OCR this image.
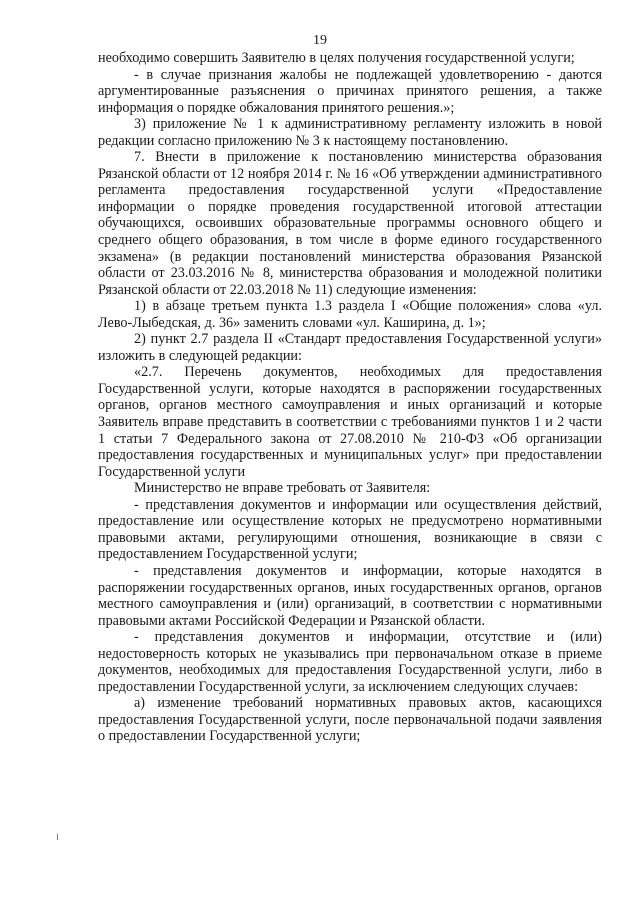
19

необходимо совершить Заявителю в целях получения государственной услуги;

- в случае признания жалобы не подлежащей удовлетворению - даются аргументированные разъяснения о причинах принятого решения, а также информация о порядке обжалования принятого решения.»;

3) приложение № 1 к административному регламенту изложить в новой редакции согласно приложению № 3 к настоящему постановлению.

7. Внести в приложение к постановлению министерства образования Рязанской области от 12 ноября 2014 г. № 16 «Об утверждении административного регламента предоставления государственной услуги «Предоставление информации о порядке проведения государственной итоговой аттестации обучающихся, освоивших образовательные программы основного общего и среднего общего образования, в том числе в форме единого государственного экзамена» (в редакции постановлений министерства образования Рязанской области от 23.03.2016 № 8, министерства образования и молодежной политики Рязанской области от 22.03.2018 № 11) следующие изменения:

1) в абзаце третьем пункта 1.3 раздела I «Общие положения» слова «ул. Лево-Лыбедская, д. 36» заменить словами «ул. Каширина, д. 1»;

2) пункт 2.7 раздела II «Стандарт предоставления Государственной услуги» изложить в следующей редакции:

«2.7. Перечень документов, необходимых для предоставления Государственной услуги, которые находятся в распоряжении государственных органов, органов местного самоуправления и иных организаций и которые Заявитель вправе представить в соответствии с требованиями пунктов 1 и 2 части 1 статьи 7 Федерального закона от 27.08.2010 № 210-ФЗ «Об организации предоставления государственных и муниципальных услуг» при предоставлении Государственной услуги

Министерство не вправе требовать от Заявителя:

- представления документов и информации или осуществления действий, предоставление или осуществление которых не предусмотрено нормативными правовыми актами, регулирующими отношения, возникающие в связи с предоставлением Государственной услуги;

- представления документов и информации, которые находятся в распоряжении государственных органов, иных государственных органов, органов местного самоуправления и (или) организаций, в соответствии с нормативными правовыми актами Российской Федерации и Рязанской области.

- представления документов и информации, отсутствие и (или) недостоверность которых не указывались при первоначальном отказе в приеме документов, необходимых для предоставления Государственной услуги, либо в предоставлении Государственной услуги, за исключением следующих случаев:

а) изменение требований нормативных правовых актов, касающихся предоставления Государственной услуги, после первоначальной подачи заявления о предоставлении Государственной услуги;
